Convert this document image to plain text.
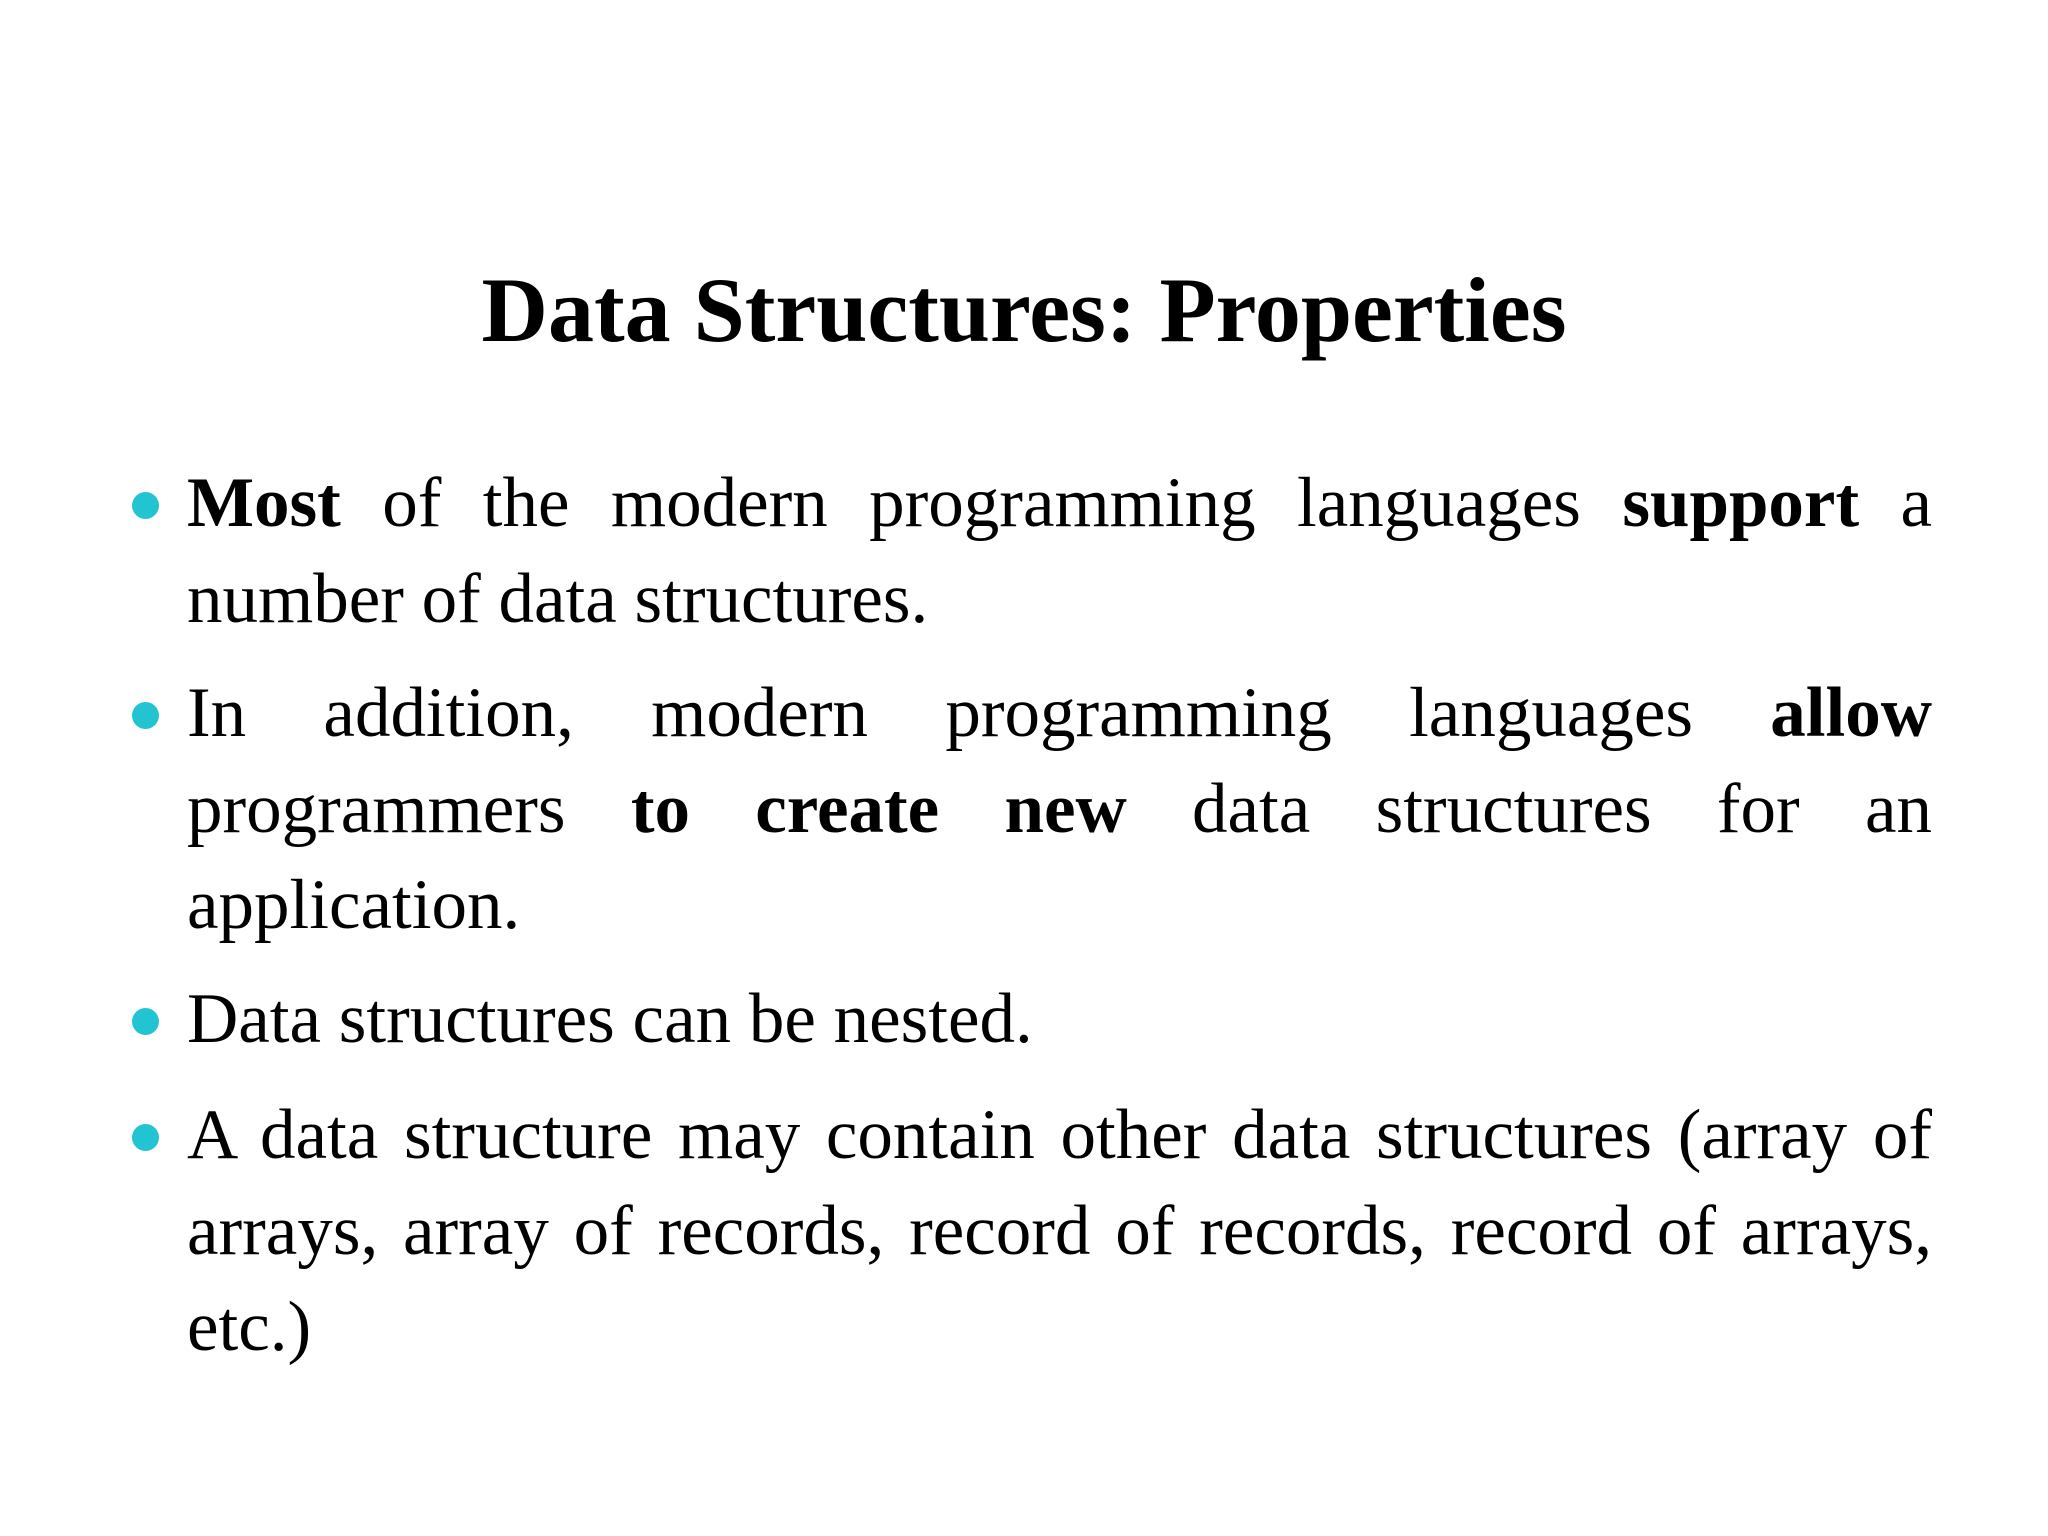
Data Structures: Properties
Most of the modern programming languages support a number of data structures.
In addition, modern programming languages allow programmers to create new data structures for an application.
Data structures can be nested.
A data structure may contain other data structures (array of arrays, array of records, record of records, record of arrays, etc.)
